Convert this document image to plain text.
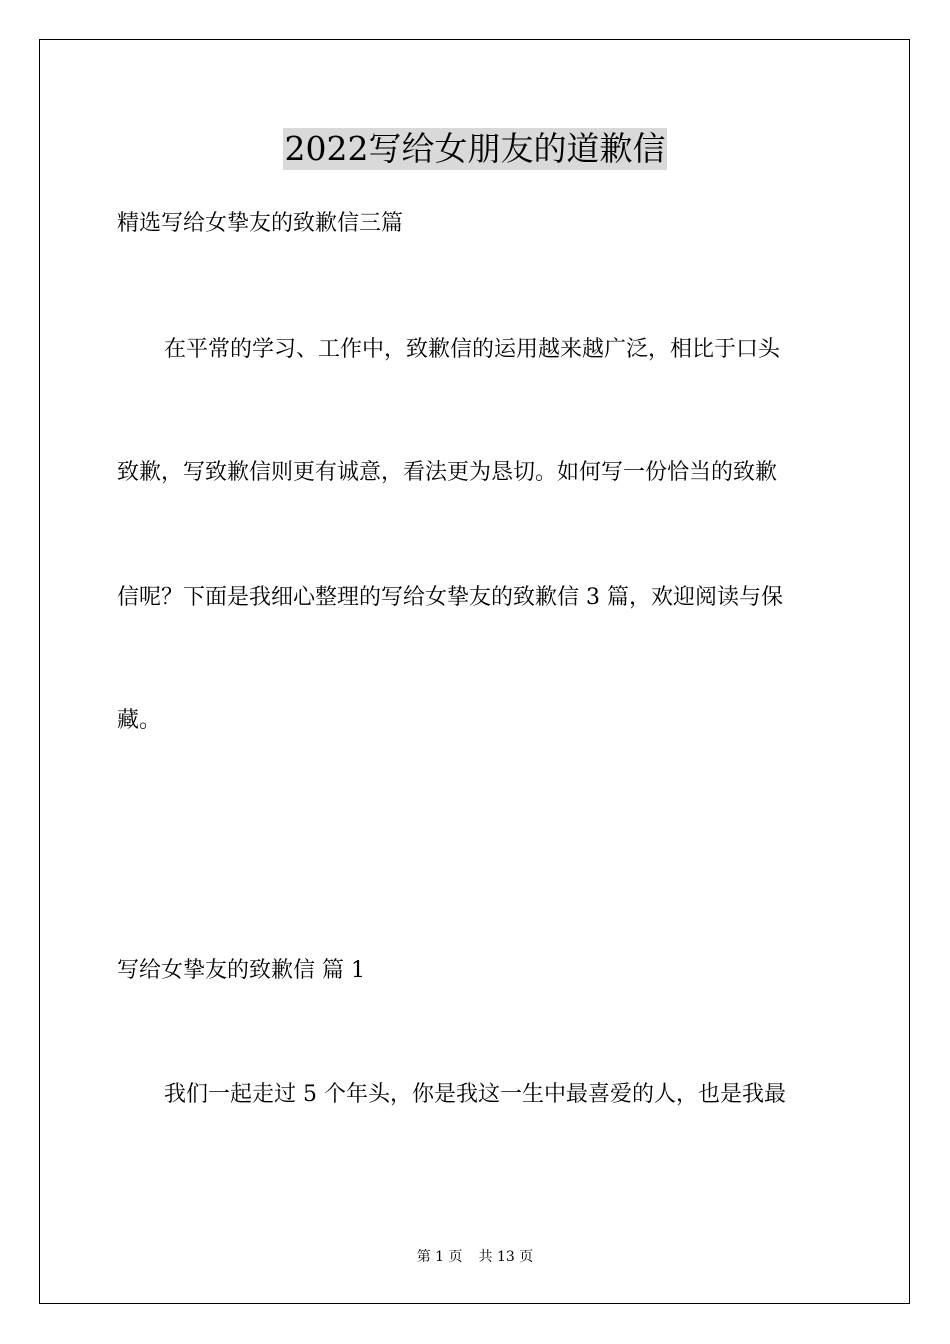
2022写给女朋友的道歉信
精选写给女挚友的致歉信三篇
在平常的学习、工作中，致歉信的运用越来越广泛，相比于口头
致歉，写致歉信则更有诚意，看法更为恳切。如何写一份恰当的致歉
信呢？下面是我细心整理的写给女挚友的致歉信 3 篇，欢迎阅读与保
藏。
写给女挚友的致歉信 篇 1
我们一起走过 5 个年头，你是我这一生中最喜爱的人，也是我最
第 1 页 共 13 页
